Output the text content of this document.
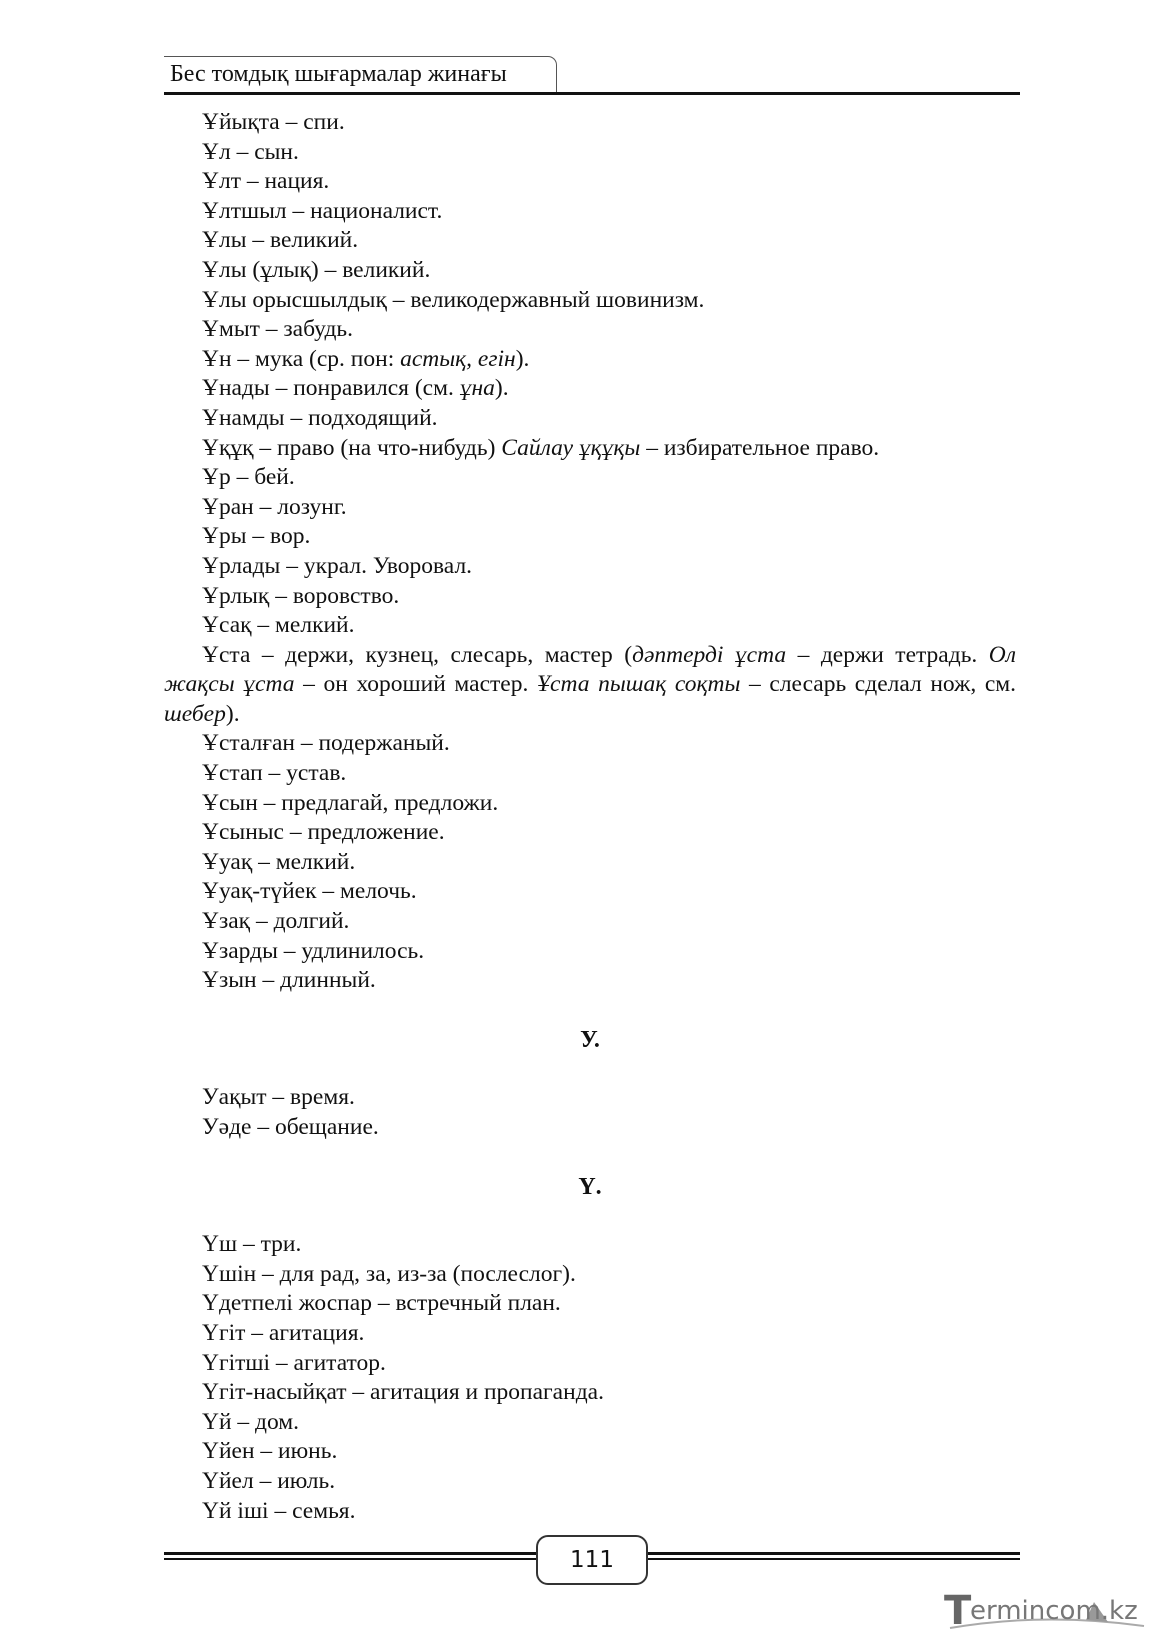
Бес томдық шығармалар жинағы
Ұйықта – спи.
Ұл – сын.
Ұлт – нация.
Ұлтшыл – националист.
Ұлы – великий.
Ұлы (ұлық) – великий.
Ұлы орысшылдық – великодержавный шовинизм.
Ұмыт – забудь.
Ұн – мука (ср. пон: астық, егін).
Ұнады – понравился (см. ұна).
Ұнамды – подходящий.
Ұқұқ – право (на что-нибудь) Сайлау ұқұқы – избирательное право.
Ұр – бей.
Ұран – лозунг.
Ұры – вор.
Ұрлады – украл. Уворовал.
Ұрлық – воровство.
Ұсақ – мелкий.

Ұста – держи, кузнец, слесарь, мастер (дәптерді ұста – держи тетрадь. Ол жақсы ұста – он хороший мастер. Ұста пышақ соқты – слесарь сделал нож, см. шебер).

Ұсталған – подержаный.
Ұстап – устав.
Ұсын – предлагай, предложи.
Ұсыныс – предложение.
Ұуақ – мелкий.
Ұуақ-түйек – мелочь.
Ұзақ – долгий.
Ұзарды – удлинилось.
Ұзын – длинный.
У.
Уақыт – время.
Уәде – обещание.
Ү.
Үш – три.
Үшін – для рад, за, из-за (послеслог).
Үдетпелі жоспар – встречный план.
Үгіт – агитация.
Үгітші – агитатор.
Үгіт-насыйқат – агитация и пропаганда.
Үй – дом.
Үйен – июнь.
Үйел – июль.
Үй іші – семья.
111
T
ermincom.kz
